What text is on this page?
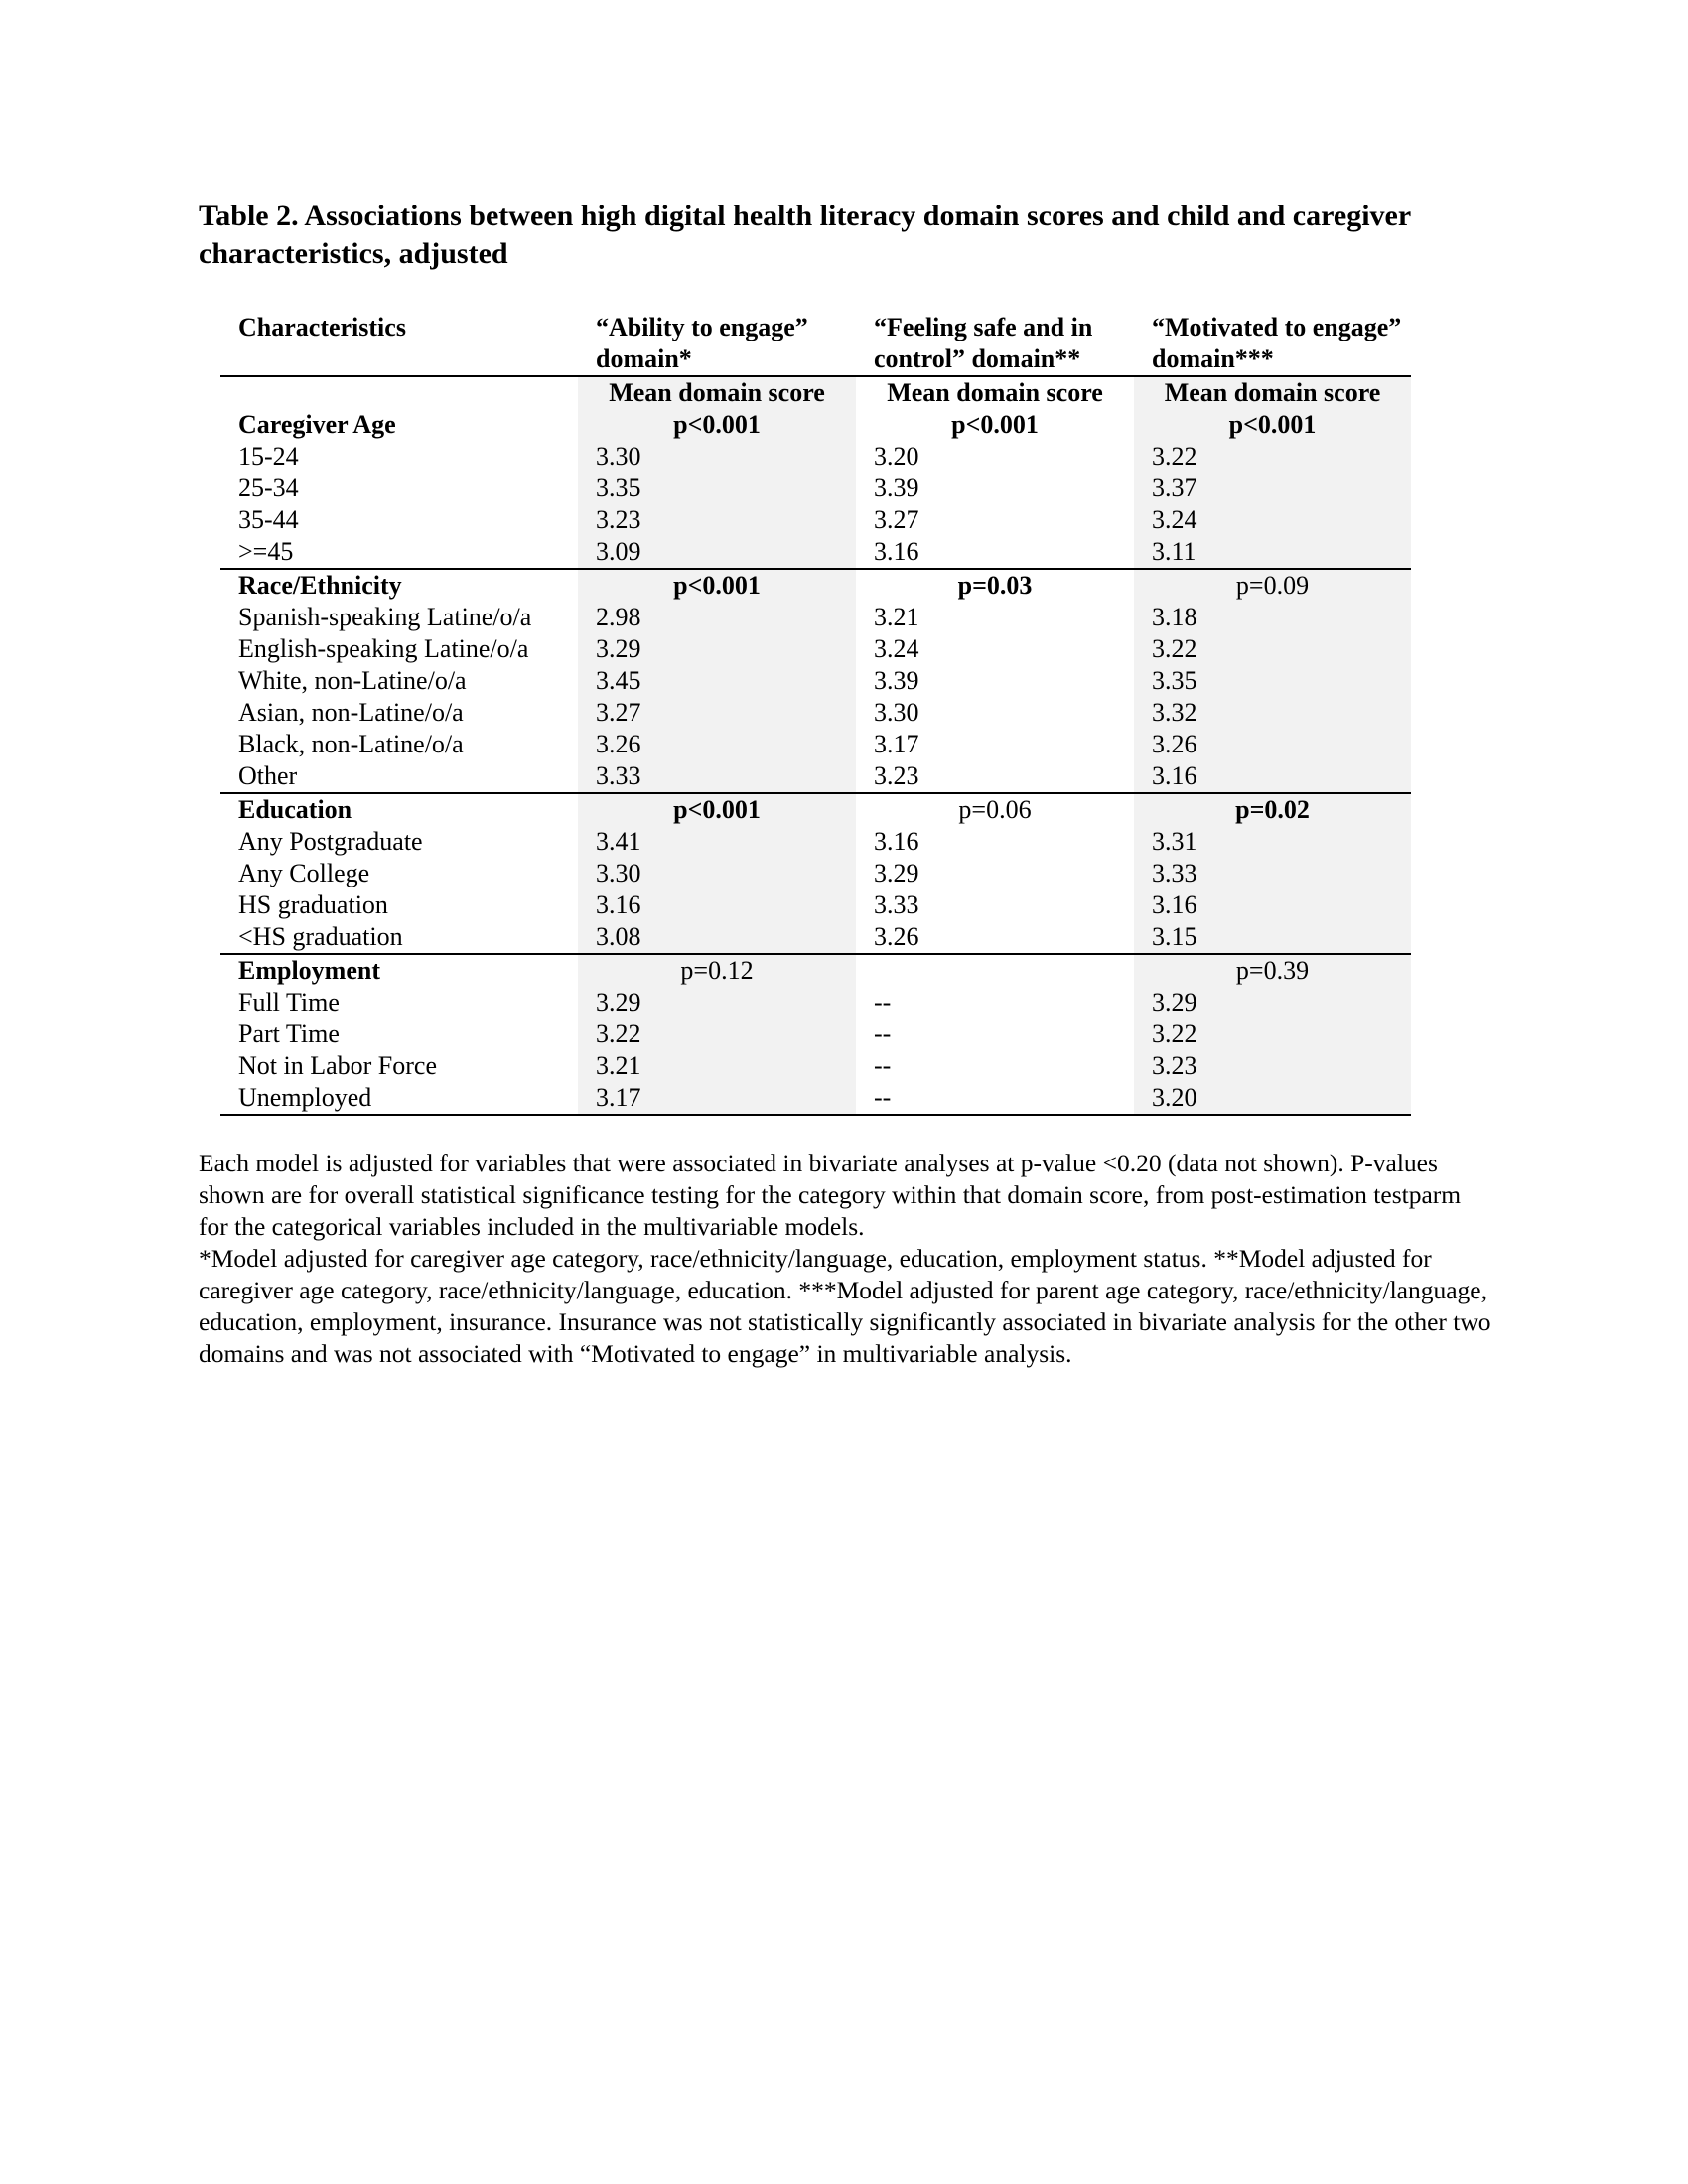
Table 2. Associations between high digital health literacy domain scores and child and caregiver characteristics, adjusted
Characteristics	“Ability to engage” domain*	“Feeling safe and in control” domain**	“Motivated to engage” domain***
	Mean domain score	Mean domain score	Mean domain score
Caregiver Age	p<0.001	p<0.001	p<0.001
15-24	3.30	3.20	3.22
25-34	3.35	3.39	3.37
35-44	3.23	3.27	3.24
>=45	3.09	3.16	3.11
Race/Ethnicity	p<0.001	p=0.03	p=0.09
Spanish-speaking Latine/o/a	2.98	3.21	3.18
English-speaking Latine/o/a	3.29	3.24	3.22
White, non-Latine/o/a	3.45	3.39	3.35
Asian, non-Latine/o/a	3.27	3.30	3.32
Black, non-Latine/o/a	3.26	3.17	3.26
Other	3.33	3.23	3.16
Education	p<0.001	p=0.06	p=0.02
Any Postgraduate	3.41	3.16	3.31
Any College	3.30	3.29	3.33
HS graduation	3.16	3.33	3.16
<HS graduation	3.08	3.26	3.15
Employment	p=0.12		p=0.39
Full Time	3.29	--	3.29
Part Time	3.22	--	3.22
Not in Labor Force	3.21	--	3.23
Unemployed	3.17	--	3.20

Each model is adjusted for variables that were associated in bivariate analyses at p-value <0.20 (data not shown). P-values shown are for overall statistical significance testing for the category within that domain score, from post-estimation testparm for the categorical variables included in the multivariable models.

*Model adjusted for caregiver age category, race/ethnicity/language, education, employment status. **Model adjusted for caregiver age category, race/ethnicity/language, education. ***Model adjusted for parent age category, race/ethnicity/language, education, employment, insurance. Insurance was not statistically significantly associated in bivariate analysis for the other two domains and was not associated with “Motivated to engage” in multivariable analysis.
